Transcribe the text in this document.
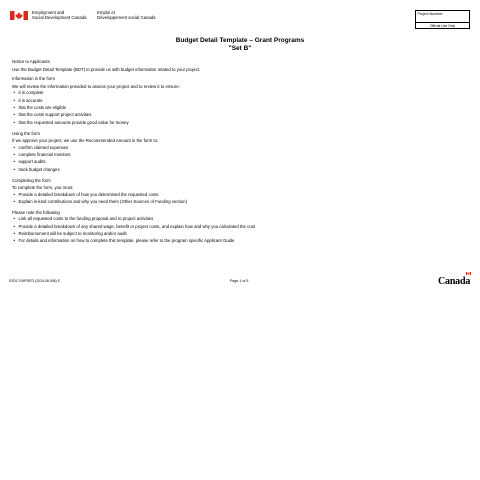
Employment and
Social Development Canada
Emploi et
Développement social Canada
Project Number:
Official Use Only
Budget Detail Template – Grant Programs
"Set B"

Notice to Applicants

Use the Budget Detail Template (BDT) to provide us with budget information related to your project.

Information in the form

We will review the information provided to assess your project and to review it to ensure:

• it is complete
• it is accurate
• that the costs are eligible
• that the costs support project activities
• that the requested amounts provide good value for money

Using the form

If we approve your project, we use the Recommended Amount in the form to:

• confirm claimed expenses
• complete financial monitors
• support audits
• track budget changes

Completing the form

To complete the form, you must:

• Provide a detailed breakdown of how you determined the requested costs
• Explain in-kind contributions and why you need them (Other Sources of Funding section)

Please note the following

• Link all requested costs to the funding proposal and to project activities
• Provide a detailed breakdown of any shared wage, benefit or project costs, and explain how and why you calculated the cost
• Reimbursement will be subject to monitoring and/or audit
• For details and information on how to complete this template, please refer to the program specific Applicant Guide
ESDC EMP5573 (2024-08-006) E	Page 1 of 5	Canada
